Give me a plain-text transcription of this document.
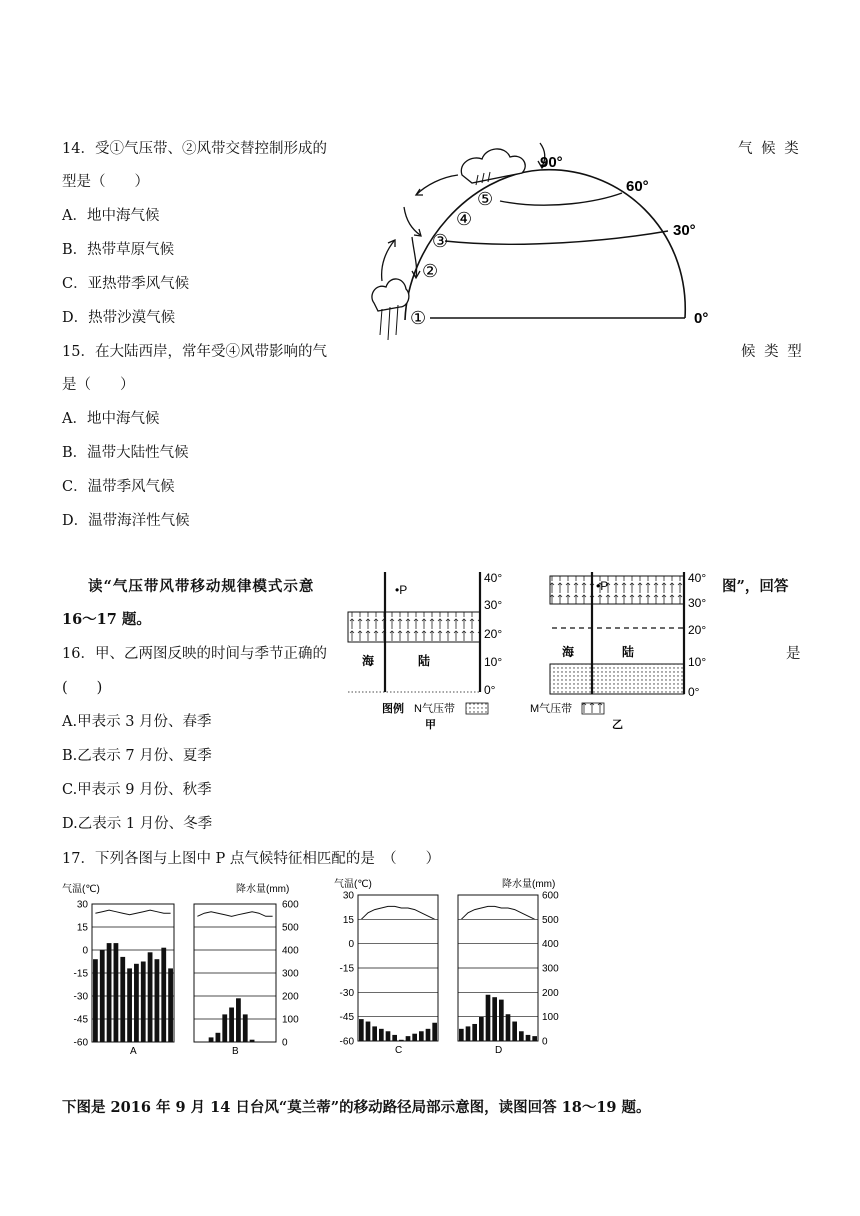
14．受①气压带、②风带交替控制形成的	气 候 类
型是（　　）
A．地中海气候
B．热带草原气候
C．亚热带季风气候
D．热带沙漠气候
15．在大陆西岸，常年受④风带影响的气	候 类 型
是（　　）
A．地中海气候
B．温带大陆性气候
C．温带季风气候
D．温带海洋性气候
90°
60°
30°
0°
①
②
③
④
⑤
读“气压带风带移动规律模式示意	图”，回答
16～17 题。
16．甲、乙两图反映的时间与季节正确的	是
(　　)
A.甲表示 3 月份、春季
B.乙表示 7 月份、夏季
C.甲表示 9 月份、秋季
D.乙表示 1 月份、冬季
•P
海	陆
40°
30°
20°
10°
0°
•P
海	陆
40°
30°
20°
10°
0°
图例 N气压带	M气压带
甲	乙
17．下列各图与上图中 P 点气候特征相匹配的是　（　　）
气温(℃)	降水量(mm)
30
15
0
-15
-30
-45
-60
A	B
600
500
400
300
200
100
0
气温(℃)	降水量(mm)
30
15
0
-15
-30
-45
-60
C	D
600
500
400
300
200
100
0
下图是 2016 年 9 月 14 日台风“莫兰蒂”的移动路径局部示意图，读图回答 18～19 题。
